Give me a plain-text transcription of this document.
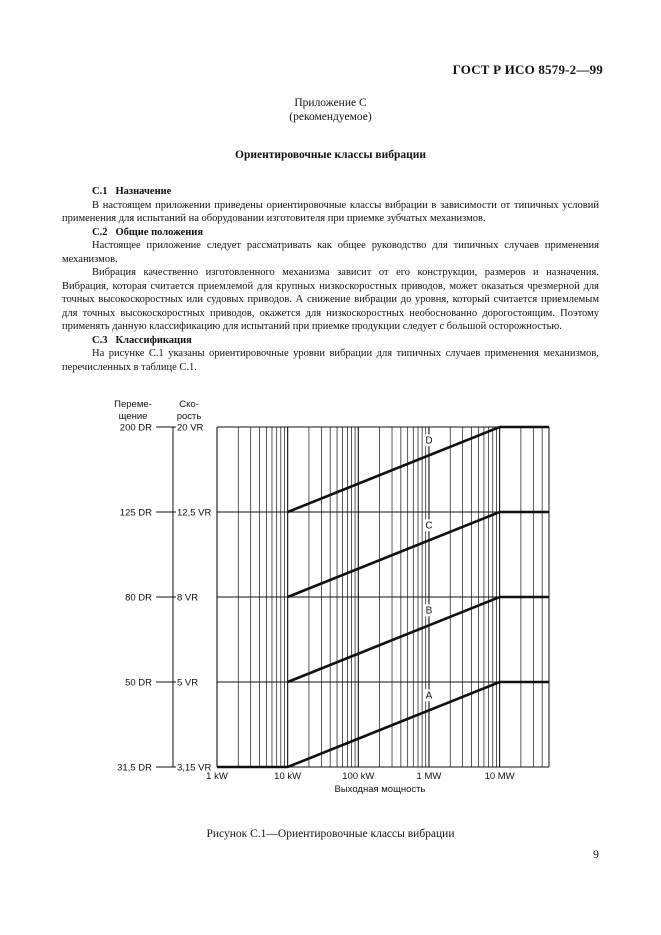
ГОСТ Р ИСО 8579-2—99
Приложение С
(рекомендуемое)
Ориентировочные классы вибрации
С.1 Назначение

В настоящем приложении приведены ориентировочные классы вибрации в зависимости от типичных условий применения для испытаний на оборудовании изготовителя при приемке зубчатых механизмов.

С.2 Общие положения

Настоящее приложение следует рассматривать как общее руководство для типичных случаев применения механизмов.

Вибрация качественно изготовленного механизма зависит от его конструкции, размеров и назначения. Вибрация, которая считается приемлемой для крупных низкоскоростных приводов, может оказаться чрезмерной для точных высокоскоростных или судовых приводов. А снижение вибрации до уровня, который считается приемлемым для точных высокоскоростных приводов, окажется для низкоскоростных необоснованно дорогостоящим. Поэтому применять данную классификацию для испытаний при приемке продукции следует с большой осторожностью.

С.3 Классификация

На рисунке С.1 указаны ориентировочные уровни вибрации для типичных случаев применения механизмов, перечисленных в таблице С.1.

Переме-
щение
Ско-
рость
31,5 DR	3,15 VR
50 DR	5 VR
80 DR	8 VR
125 DR	12,5 VR
200 DR	20 VR
1 kW	10 kW	100 kW	1 MW	10 MW
Выходная мощность
A
B
C
D
Рисунок С.1—Ориентировочные классы вибрации
9
